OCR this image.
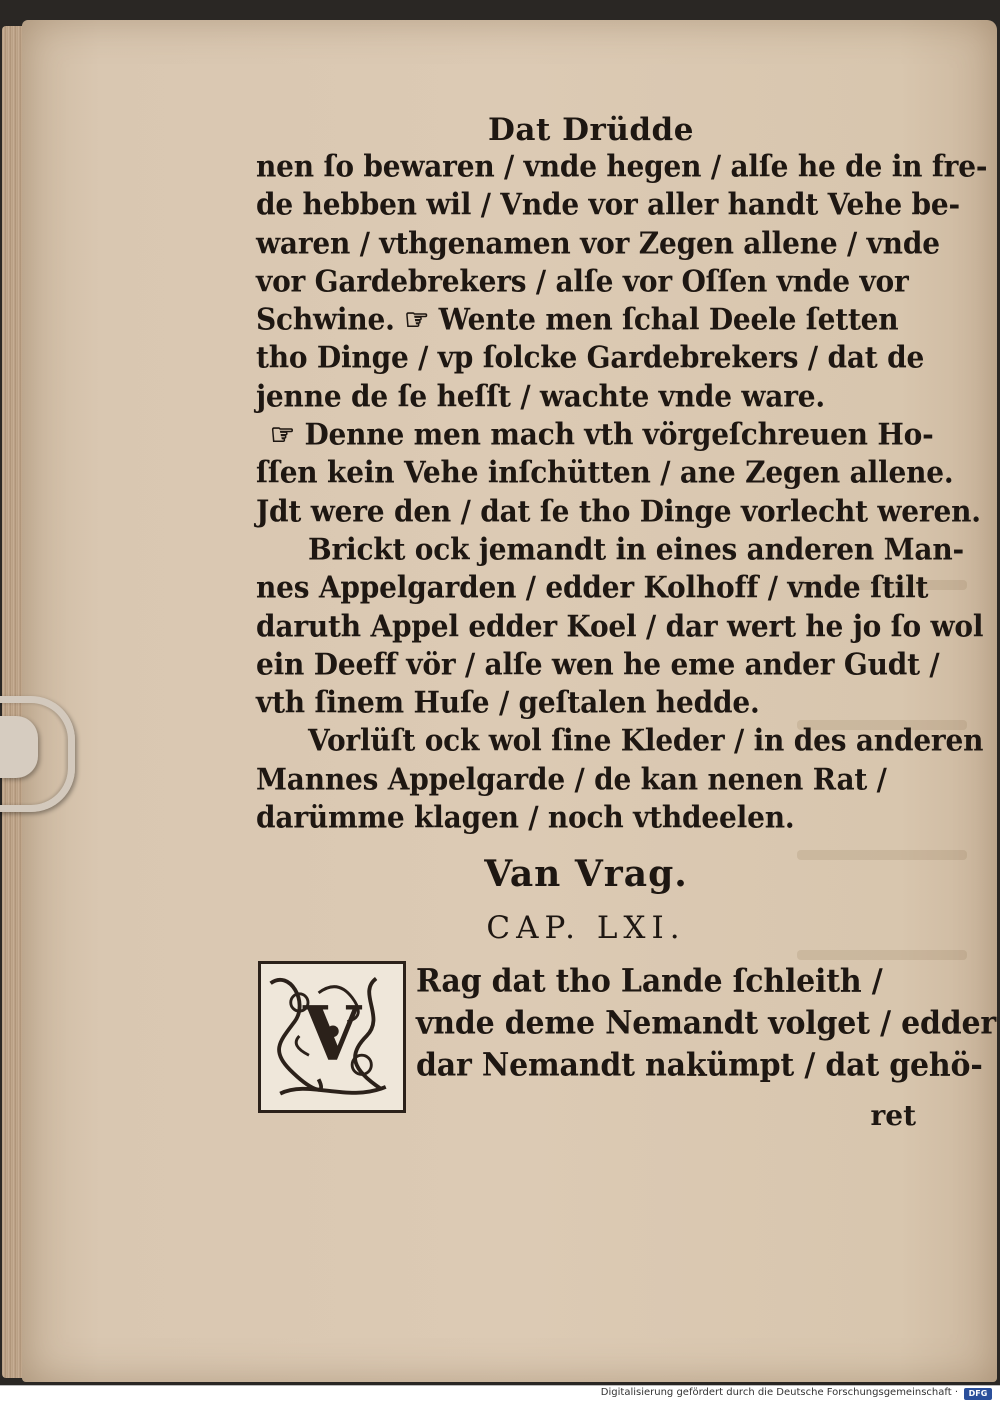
Dat Drüdde
nen ſo bewaren / vnde hegen / alſe he de in fre-
de hebben wil / Vnde vor aller handt Vehe be-
waren / vthgenamen vor Zegen allene / vnde
vor Gardebrekers / alſe vor Oſſen vnde vor
Schwine. ☞ Wente men ſchal Deele ſetten
tho Dinge / vp ſolcke Gardebrekers / dat de
jenne de ſe heſſt / wachte vnde ware.
☞ Denne men mach vth vörgeſchreuen Ho-
ſſen kein Vehe inſchütten / ane Zegen allene.
Jdt were den / dat ſe tho Dinge vorlecht weren.
Brickt ock jemandt in eines anderen Man-
nes Appelgarden / edder Kolhoff / vnde ſtilt
daruth Appel edder Koel / dar wert he jo ſo wol
ein Deeff vör / alſe wen he eme ander Gudt /
vth ſinem Huſe / geſtalen hedde.
Vorlüſt ock wol ſine Kleder / in des anderen
Mannes Appelgarde / de kan nenen Rat /
darümme klagen / noch vthdeelen.
Van Vrag.
CAP. LXI.
V
Rag dat tho Lande ſchleith /
vnde deme Nemandt volget / edder
dar Nemandt nakümpt / dat gehö-
ret
Digitalisierung gefördert durch die Deutsche Forschungsgemeinschaft ·	DFG
